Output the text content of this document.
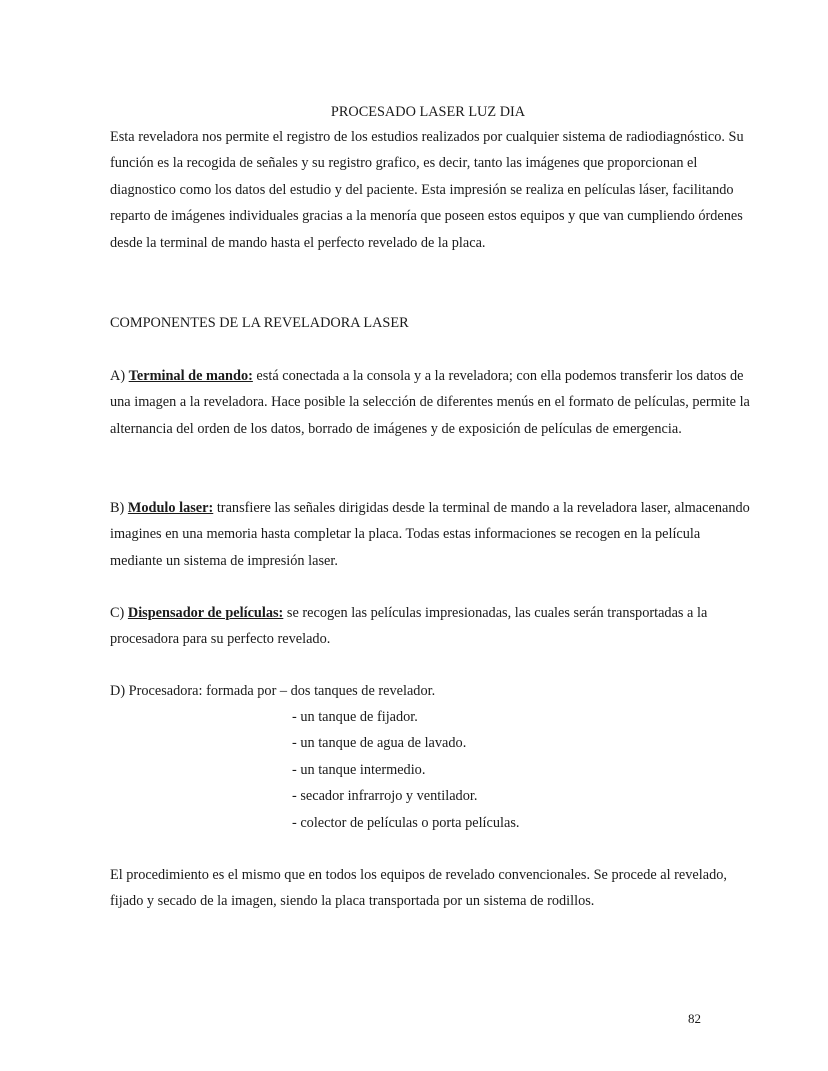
PROCESADO LASER LUZ DIA

Esta reveladora nos permite el registro de los estudios realizados por cualquier sistema de radiodiagnóstico. Su función es la recogida de señales y su registro grafico, es decir, tanto las imágenes que proporcionan el diagnostico como los datos del estudio y del paciente. Esta impresión se realiza en películas láser, facilitando reparto de imágenes individuales gracias a la menoría que poseen estos equipos y que van cumpliendo órdenes desde la terminal de mando hasta el perfecto revelado de la placa.

COMPONENTES DE LA REVELADORA LASER

A) Terminal de mando: está conectada a la consola y a la reveladora; con ella podemos transferir los datos de una imagen a la reveladora. Hace posible la selección de diferentes menús en el formato de películas, permite la alternancia del orden de los datos, borrado de imágenes y de exposición de películas de emergencia.

B) Modulo laser: transfiere las señales dirigidas desde la terminal de mando a la reveladora laser, almacenando imagines en una memoria hasta completar la placa. Todas estas informaciones se recogen en la película mediante un sistema de impresión laser.

C) Dispensador de películas: se recogen las películas impresionadas, las cuales serán transportadas a la procesadora para su perfecto revelado.

D) Procesadora: formada por – dos tanques de revelador.

- un tanque de fijador.
- un tanque de agua de lavado.
- un tanque intermedio.
- secador infrarrojo y ventilador.
- colector de películas o porta películas.

El procedimiento es el mismo que en todos los equipos de revelado convencionales. Se procede al revelado, fijado y secado de la imagen, siendo la placa transportada por un sistema de rodillos.

82
